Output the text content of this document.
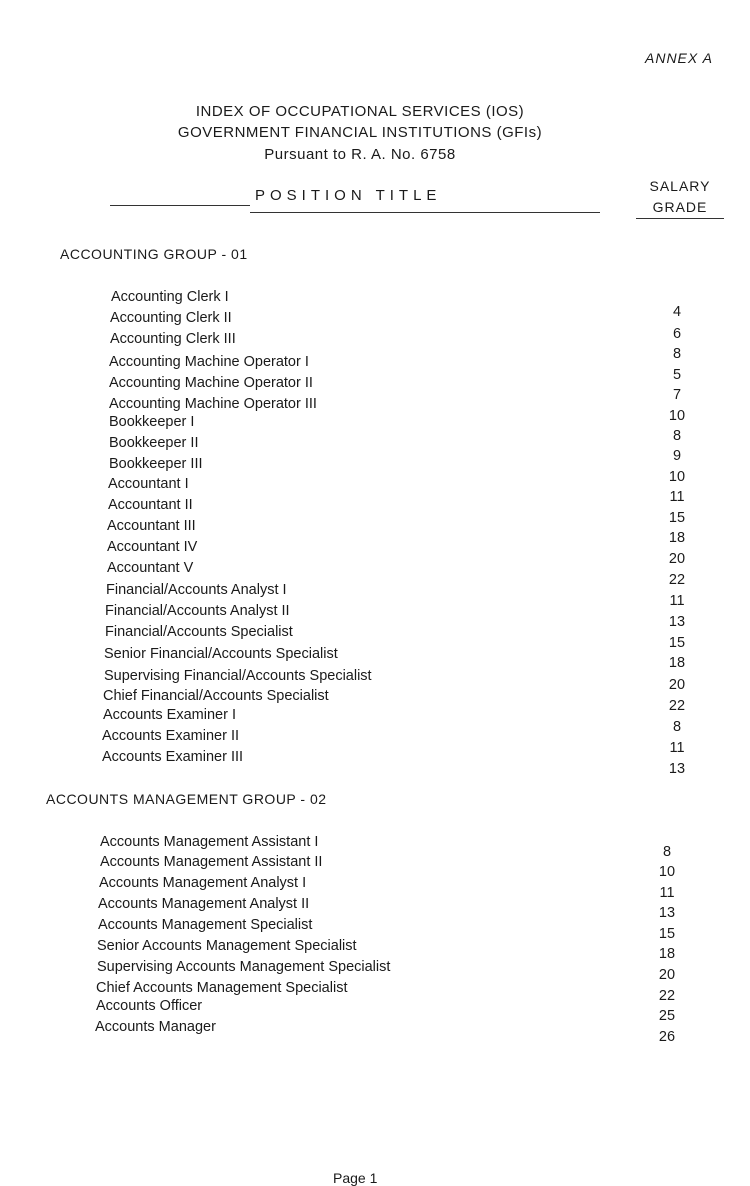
ANNEX A
INDEX OF OCCUPATIONAL SERVICES (IOS)
GOVERNMENT FINANCIAL INSTITUTIONS (GFIs)
Pursuant to R. A. No. 6758
POSITION TITLE
SALARY
GRADE
ACCOUNTING GROUP - 01
Accounting Clerk I
Accounting Clerk II
Accounting Clerk III
Accounting Machine Operator I
Accounting Machine Operator II
Accounting Machine Operator III
Bookkeeper I
Bookkeeper II
Bookkeeper III
Accountant I
Accountant II
Accountant III
Accountant IV
Accountant V
Financial/Accounts Analyst I
Financial/Accounts Analyst II
Financial/Accounts Specialist
Senior Financial/Accounts Specialist
Supervising Financial/Accounts Specialist
Chief Financial/Accounts Specialist
Accounts Examiner I
Accounts Examiner II
Accounts Examiner III
4
6
8
5
7
10
8
9
10
11
15
18
20
22
11
13
15
18
20
22
8
11
13
ACCOUNTS MANAGEMENT GROUP - 02
Accounts Management Assistant I
Accounts Management Assistant II
Accounts Management Analyst I
Accounts Management Analyst II
Accounts Management Specialist
Senior Accounts Management Specialist
Supervising Accounts Management Specialist
Chief Accounts Management Specialist
Accounts Officer
Accounts Manager
8
10
11
13
15
18
20
22
25
26
Page 1
